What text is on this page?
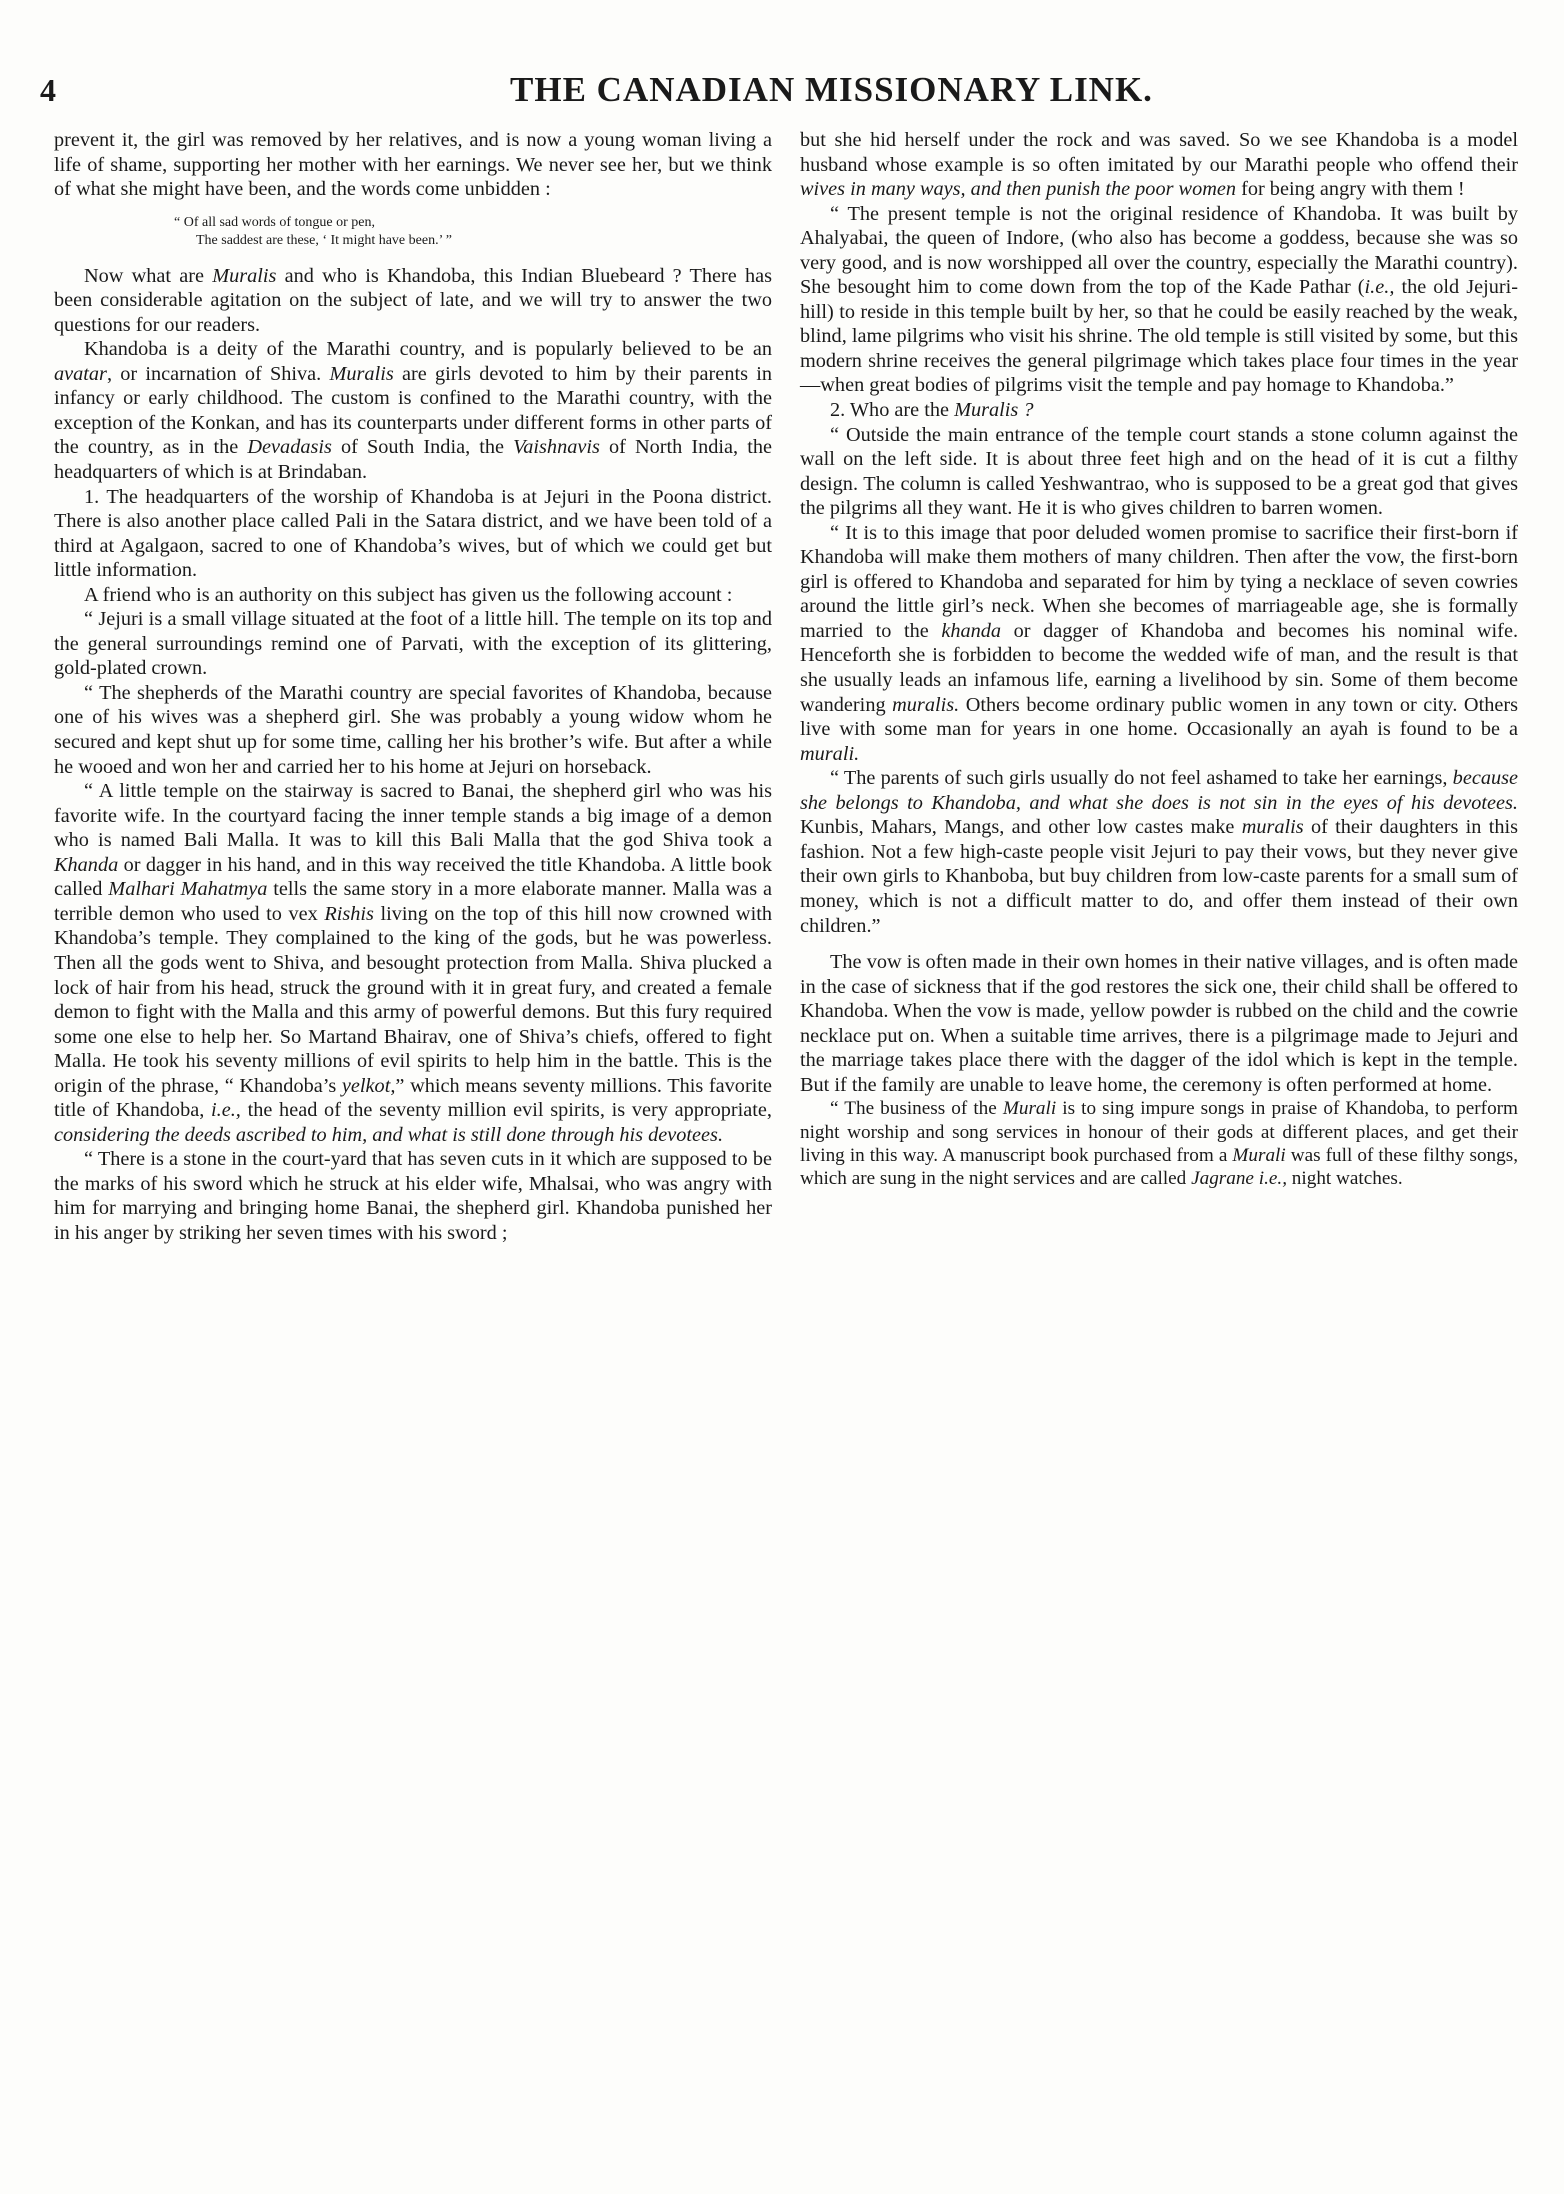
4	THE CANADIAN MISSIONARY LINK.

prevent it, the girl was removed by her relatives, and is now a young woman living a life of shame, supporting her mother with her earnings. We never see her, but we think of what she might have been, and the words come unbidden :

“ Of all sad words of tongue or pen,
The saddest are these, ‘ It might have been.’ ”

Now what are Muralis and who is Khandoba, this Indian Bluebeard ? There has been considerable agitation on the subject of late, and we will try to answer the two questions for our readers.

Khandoba is a deity of the Marathi country, and is popularly believed to be an avatar, or incarnation of Shiva. Muralis are girls devoted to him by their parents in infancy or early childhood. The custom is confined to the Marathi country, with the exception of the Konkan, and has its counterparts under different forms in other parts of the country, as in the Devadasis of South India, the Vaishnavis of North India, the headquarters of which is at Brindaban.

1. The headquarters of the worship of Khandoba is at Jejuri in the Poona district. There is also another place called Pali in the Satara district, and we have been told of a third at Agalgaon, sacred to one of Khandoba’s wives, but of which we could get but little information.

A friend who is an authority on this subject has given us the following account :

“ Jejuri is a small village situated at the foot of a little hill. The temple on its top and the general surroundings remind one of Parvati, with the exception of its glittering, gold-plated crown.

“ The shepherds of the Marathi country are special favorites of Khandoba, because one of his wives was a shepherd girl. She was probably a young widow whom he secured and kept shut up for some time, calling her his brother’s wife. But after a while he wooed and won her and carried her to his home at Jejuri on horseback.

“ A little temple on the stairway is sacred to Banai, the shepherd girl who was his favorite wife. In the courtyard facing the inner temple stands a big image of a demon who is named Bali Malla. It was to kill this Bali Malla that the god Shiva took a Khanda or dagger in his hand, and in this way received the title Khandoba. A little book called Malhari Mahatmya tells the same story in a more elaborate manner. Malla was a terrible demon who used to vex Rishis living on the top of this hill now crowned with Khandoba’s temple. They complained to the king of the gods, but he was powerless. Then all the gods went to Shiva, and besought protection from Malla. Shiva plucked a lock of hair from his head, struck the ground with it in great fury, and created a female demon to fight with the Malla and this army of powerful demons. But this fury required some one else to help her. So Martand Bhairav, one of Shiva’s chiefs, offered to fight Malla. He took his seventy millions of evil spirits to help him in the battle. This is the origin of the phrase, “ Khandoba’s yelkot,” which means seventy millions. This favorite title of Khandoba, i.e., the head of the seventy million evil spirits, is very appropriate, considering the deeds ascribed to him, and what is still done through his devotees.

“ There is a stone in the court-yard that has seven cuts in it which are supposed to be the marks of his sword which he struck at his elder wife, Mhalsai, who was angry with him for marrying and bringing home Banai, the shepherd girl. Khandoba punished her in his anger by striking her seven times with his sword ;

but she hid herself under the rock and was saved. So we see Khandoba is a model husband whose example is so often imitated by our Marathi people who offend their wives in many ways, and then punish the poor women for being angry with them !

“ The present temple is not the original residence of Khandoba. It was built by Ahalyabai, the queen of Indore, (who also has become a goddess, because she was so very good, and is now worshipped all over the country, especially the Marathi country). She besought him to come down from the top of the Kade Pathar (i.e., the old Jejuri-hill) to reside in this temple built by her, so that he could be easily reached by the weak, blind, lame pilgrims who visit his shrine. The old temple is still visited by some, but this modern shrine receives the general pilgrimage which takes place four times in the year—when great bodies of pilgrims visit the temple and pay homage to Khandoba.”

2. Who are the Muralis ?

“ Outside the main entrance of the temple court stands a stone column against the wall on the left side. It is about three feet high and on the head of it is cut a filthy design. The column is called Yeshwantrao, who is supposed to be a great god that gives the pilgrims all they want. He it is who gives children to barren women.

“ It is to this image that poor deluded women promise to sacrifice their first-born if Khandoba will make them mothers of many children. Then after the vow, the first-born girl is offered to Khandoba and separated for him by tying a necklace of seven cowries around the little girl’s neck. When she becomes of marriageable age, she is formally married to the khanda or dagger of Khandoba and becomes his nominal wife. Henceforth she is forbidden to become the wedded wife of man, and the result is that she usually leads an infamous life, earning a livelihood by sin. Some of them become wandering muralis. Others become ordinary public women in any town or city. Others live with some man for years in one home. Occasionally an ayah is found to be a murali.

“ The parents of such girls usually do not feel ashamed to take her earnings, because she belongs to Khandoba, and what she does is not sin in the eyes of his devotees. Kunbis, Mahars, Mangs, and other low castes make muralis of their daughters in this fashion. Not a few high-caste people visit Jejuri to pay their vows, but they never give their own girls to Khanboba, but buy children from low-caste parents for a small sum of money, which is not a difficult matter to do, and offer them instead of their own children.”

The vow is often made in their own homes in their native villages, and is often made in the case of sickness that if the god restores the sick one, their child shall be offered to Khandoba. When the vow is made, yellow powder is rubbed on the child and the cowrie necklace put on. When a suitable time arrives, there is a pilgrimage made to Jejuri and the marriage takes place there with the dagger of the idol which is kept in the temple. But if the family are unable to leave home, the ceremony is often performed at home.

“ The business of the Murali is to sing impure songs in praise of Khandoba, to perform night worship and song services in honour of their gods at different places, and get their living in this way. A manuscript book purchased from a Murali was full of these filthy songs, which are sung in the night services and are called Jagrane i.e., night watches.
